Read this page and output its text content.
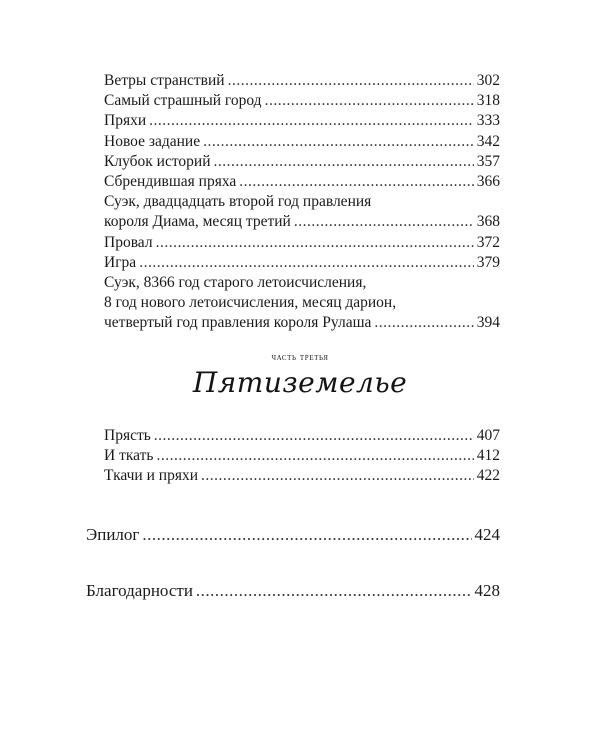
Ветры странствий .....	302
Самый страшный город .....	318
Пряхи .....	333
Новое задание .....	342
Клубок историй .....	357
Сбрендившая пряха .....	366
Суэк, двадцадцать второй год правления
короля Диама, месяц третий .....	368
Провал .....	372
Игра .....	379
Суэк, 8366 год старого летоисчисления,
8 год нового летоисчисления, месяц дарион,
четвертый год правления короля Рулаша .....	394
часть третья
Пятиземелье
Прясть .....	407
И ткать .....	412
Ткачи и пряхи .....	422
Эпилог .....	424
Благодарности .....	428
